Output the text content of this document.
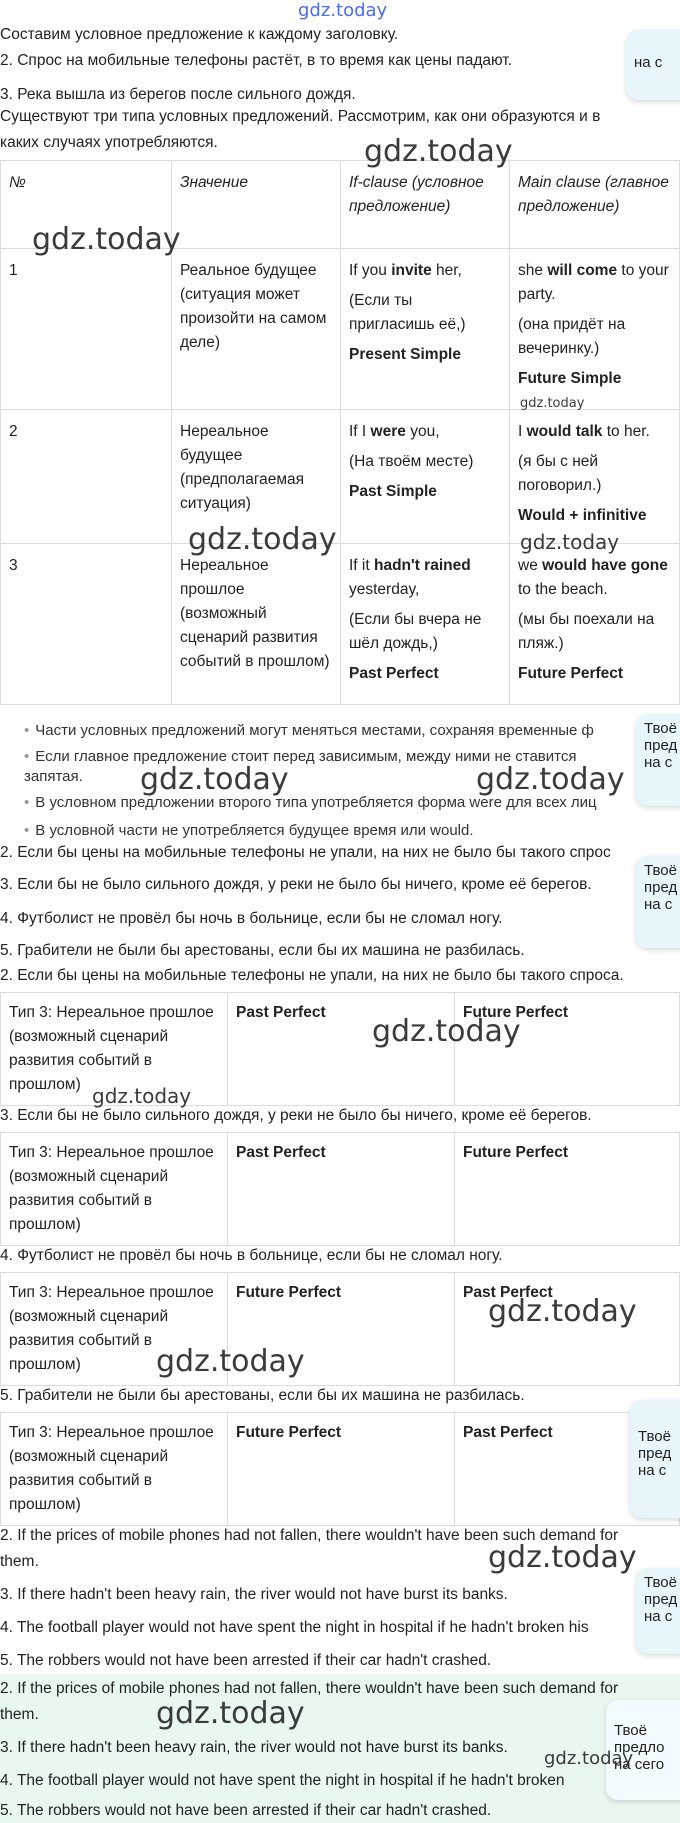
gdz.today
Составим условное предложение к каждому заголовку.
2. Спрос на мобильные телефоны растёт, в то время как цены падают.
3. Река вышла из берегов после сильного дождя.
Существуют три типа условных предложений. Рассмотрим, как они образуются и в
каких случаях употребляются.
на с
№	Значение	If-clause (условное предложение)	Main clause (главное предложение)
1	Реальное будущее (ситуация может произойти на самом деле)	If you invite her,
(Если ты пригласишь её,)
Present Simple	she will come to your party.
(она придёт на вечеринку.)
Future Simple

2	Нереальное будущее (предполагаемая ситуация)	If I were you,
(На твоём месте)
Past Simple	I would talk to her.
(я бы с ней поговорил.)
Would + infinitive

3	Нереальное прошлое (возможный сценарий развития событий в прошлом)	If it hadn't rained yesterday,
(Если бы вчера не шёл дождь,)
Past Perfect	we would have gone to the beach.
(мы бы поехали на пляж.)
Future Perfect
gdz.today
gdz.today
gdz.today
gdz.today	gdz.today
• Части условных предложений могут меняться местами, сохраняя временные ф
• Если главное предложение стоит перед зависимым, между ними не ставится
запятая.
• В условном предложении второго типа употребляется форма were для всех лиц
• В условной части не употребляется будущее время или would.
gdz.today	gdz.today
Твоё
пред
на с
Твоё
пред
на с
2. Если бы цены на мобильные телефоны не упали, на них не было бы такого спрос
3. Если бы не было сильного дождя, у реки не было бы ничего, кроме её берегов.
4. Футболист не провёл бы ночь в больнице, если бы не сломал ногу.
5. Грабители не были бы арестованы, если бы их машина не разбилась.
2. Если бы цены на мобильные телефоны не упали, на них не было бы такого спроса.
Тип 3: Нереальное прошлое (возможный сценарий развития событий в прошлом)	Past Perfect	Future Perfect
gdz.today
gdz.today
3. Если бы не было сильного дождя, у реки не было бы ничего, кроме её берегов.
Тип 3: Нереальное прошлое (возможный сценарий развития событий в прошлом)	Past Perfect	Future Perfect
4. Футболист не провёл бы ночь в больнице, если бы не сломал ногу.
Тип 3: Нереальное прошлое (возможный сценарий развития событий в прошлом)	Future Perfect	Past Perfect
gdz.today
gdz.today
5. Грабители не были бы арестованы, если бы их машина не разбилась.
Тип 3: Нереальное прошлое (возможный сценарий развития событий в прошлом)	Future Perfect	Past Perfect	Твоё
пред
на с
2. If the prices of mobile phones had not fallen, there wouldn't have been such demand for
them.
3. If there hadn't been heavy rain, the river would not have burst its banks.
4. The football player would not have spent the night in hospital if he hadn't broken his
5. The robbers would not have been arrested if their car hadn't crashed.
gdz.today
Твоё
пред
на с
2. If the prices of mobile phones had not fallen, there wouldn't have been such demand for
them.
3. If there hadn't been heavy rain, the river would not have burst its banks.
4. The football player would not have spent the night in hospital if he hadn't broken
5. The robbers would not have been arrested if their car hadn't crashed.
gdz.today
gdz.today
Твоё
предло
на сего
